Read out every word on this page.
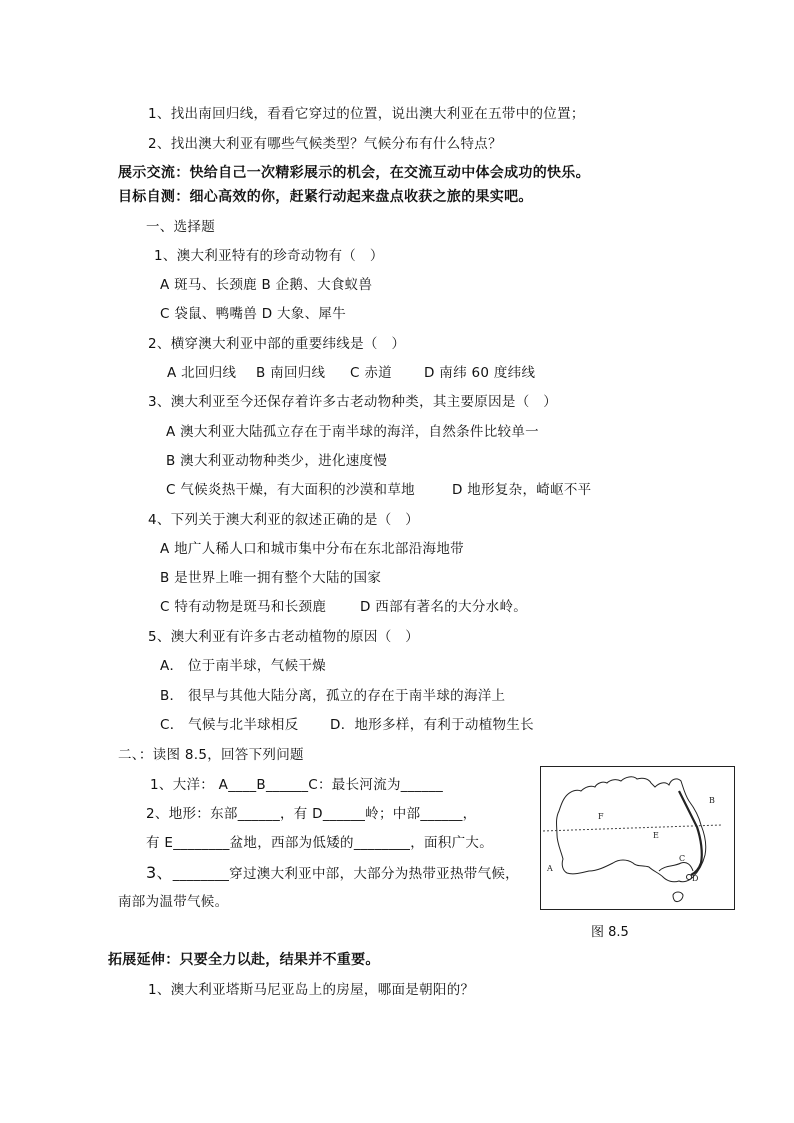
1、找出南回归线，看看它穿过的位置，说出澳大利亚在五带中的位置；
2、找出澳大利亚有哪些气候类型？气候分布有什么特点？
展示交流：快给自己一次精彩展示的机会，在交流互动中体会成功的快乐。
目标自测：细心高效的你，赶紧行动起来盘点收获之旅的果实吧。
一、选择题
1、澳大利亚特有的珍奇动物有（　）
A 斑马、长颈鹿 B 企鹅、大食蚁兽
C 袋鼠、鸭嘴兽 D 大象、犀牛
2、横穿澳大利亚中部的重要纬线是（　）
A 北回归线 B 南回归线 C 赤道 D 南纬 60 度纬线
3、澳大利亚至今还保存着许多古老动物种类，其主要原因是（　）
A 澳大利亚大陆孤立存在于南半球的海洋，自然条件比较单一
B 澳大利亚动物种类少，进化速度慢
C 气候炎热干燥，有大面积的沙漠和草地	D 地形复杂，崎岖不平
4、下列关于澳大利亚的叙述正确的是（　）
A 地广人稀人口和城市集中分布在东北部沿海地带
B 是世界上唯一拥有整个大陆的国家
C 特有动物是斑马和长颈鹿	D 西部有著名的大分水岭。
5、澳大利亚有许多古老动植物的原因（　）
A． 位于南半球，气候干燥
B． 很早与其他大陆分离，孤立的存在于南半球的海洋上
C． 气候与北半球相反 D．地形多样，有利于动植物生长
二、：读图 8.5，回答下列问题
1、大洋： A____B______C：最长河流为______
2、地形：东部______，有 D______岭；中部______，
有 E________盆地，西部为低矮的________，面积广大。
3、________穿过澳大利亚中部，大部分为热带亚热带气候，
南部为温带气候。
A
B
C
D
E
F
图 8.5
拓展延伸：只要全力以赴，结果并不重要。
1、澳大利亚塔斯马尼亚岛上的房屋，哪面是朝阳的？
